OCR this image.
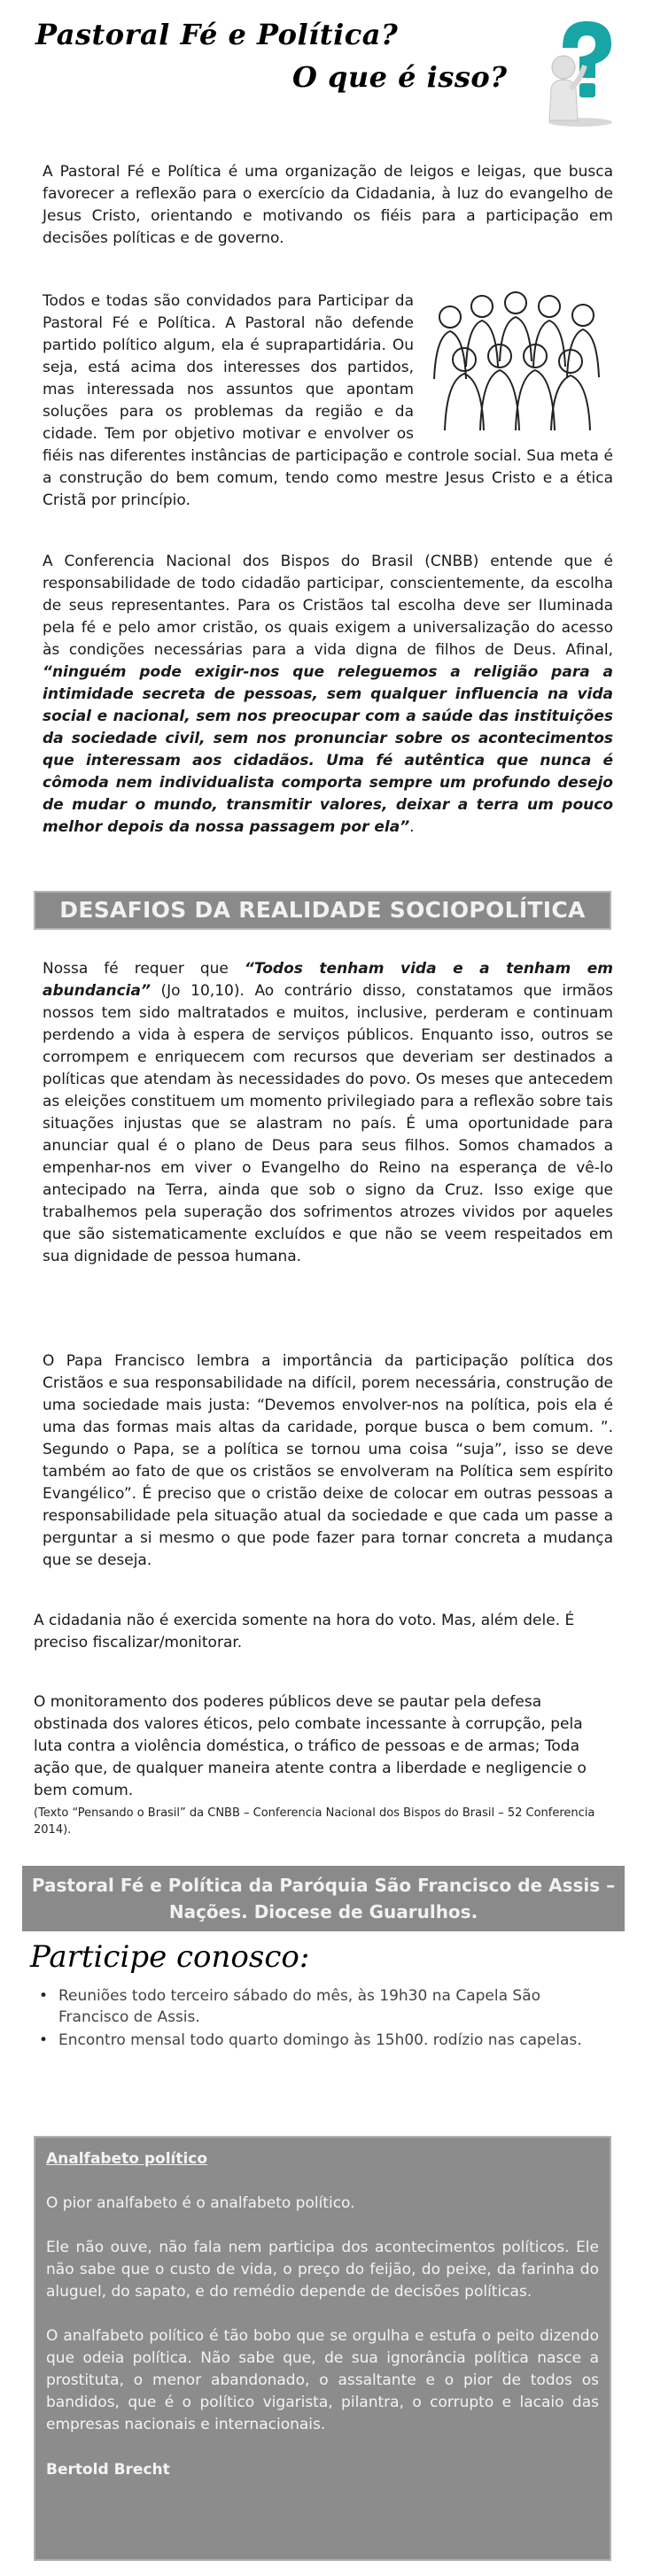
Pastoral Fé e Política?
O que é isso?
A Pastoral Fé e Política é uma organização de leigos e leigas, que busca favorecer a reflexão para o exercício da Cidadania, à luz do evangelho de Jesus Cristo, orientando e motivando os fiéis para a participação em decisões políticas e de governo.
Todos e todas são convidados para Participar da Pastoral Fé e Política. A Pastoral não defende partido político algum, ela é suprapartidária. Ou seja, está acima dos interesses dos partidos, mas interessada nos assuntos que apontam soluções para os problemas da região e da cidade. Tem por objetivo motivar e envolver os fiéis nas diferentes instâncias de participação e controle social. Sua meta é a construção do bem comum, tendo como mestre Jesus Cristo e a ética Cristã por princípio.
A Conferencia Nacional dos Bispos do Brasil (CNBB) entende que é responsabilidade de todo cidadão participar, conscientemente, da escolha de seus representantes. Para os Cristãos tal escolha deve ser Iluminada pela fé e pelo amor cristão, os quais exigem a universalização do acesso às condições necessárias para a vida digna de filhos de Deus. Afinal, “ninguém pode exigir-nos que releguemos a religião para a intimidade secreta de pessoas, sem qualquer influencia na vida social e nacional, sem nos preocupar com a saúde das instituições da sociedade civil, sem nos pronunciar sobre os acontecimentos que interessam aos cidadãos. Uma fé autêntica que nunca é cômoda nem individualista comporta sempre um profundo desejo de mudar o mundo, transmitir valores, deixar a terra um pouco melhor depois da nossa passagem por ela”.
DESAFIOS DA REALIDADE SOCIOPOLÍTICA
Nossa fé requer que “Todos tenham vida e a tenham em abundancia” (Jo 10,10). Ao contrário disso, constatamos que irmãos nossos tem sido maltratados e muitos, inclusive, perderam e continuam perdendo a vida à espera de serviços públicos. Enquanto isso, outros se corrompem e enriquecem com recursos que deveriam ser destinados a políticas que atendam às necessidades do povo. Os meses que antecedem as eleições constituem um momento privilegiado para a reflexão sobre tais situações injustas que se alastram no país. É uma oportunidade para anunciar qual é o plano de Deus para seus filhos. Somos chamados a empenhar-nos em viver o Evangelho do Reino na esperança de vê-lo antecipado na Terra, ainda que sob o signo da Cruz. Isso exige que trabalhemos pela superação dos sofrimentos atrozes vividos por aqueles que são sistematicamente excluídos e que não se veem respeitados em sua dignidade de pessoa humana.
O Papa Francisco lembra a importância da participação política dos Cristãos e sua responsabilidade na difícil, porem necessária, construção de uma sociedade mais justa: “Devemos envolver-nos na política, pois ela é uma das formas mais altas da caridade, porque busca o bem comum. ”. Segundo o Papa, se a política se tornou uma coisa “suja”, isso se deve também ao fato de que os cristãos se envolveram na Política sem espírito Evangélico”. É preciso que o cristão deixe de colocar em outras pessoas a responsabilidade pela situação atual da sociedade e que cada um passe a perguntar a si mesmo o que pode fazer para tornar concreta a mudança que se deseja.
A cidadania não é exercida somente na hora do voto. Mas, além dele. É preciso fiscalizar/monitorar.
O monitoramento dos poderes públicos deve se pautar pela defesa obstinada dos valores éticos, pelo combate incessante à corrupção, pela luta contra a violência doméstica, o tráfico de pessoas e de armas; Toda ação que, de qualquer maneira atente contra a liberdade e negligencie o bem comum.
(Texto “Pensando o Brasil” da CNBB – Conferencia Nacional dos Bispos do Brasil – 52 Conferencia 2014).
Pastoral Fé e Política da Paróquia São Francisco de Assis – Nações. Diocese de Guarulhos.
Participe conosco:
• Reuniões todo terceiro sábado do mês, às 19h30 na Capela São Francisco de Assis.
• Encontro mensal todo quarto domingo às 15h00. rodízio nas capelas.

Analfabeto político

O pior analfabeto é o analfabeto político.

Ele não ouve, não fala nem participa dos acontecimentos políticos. Ele não sabe que o custo de vida, o preço do feijão, do peixe, da farinha do aluguel, do sapato, e do remédio depende de decisões políticas.

O analfabeto político é tão bobo que se orgulha e estufa o peito dizendo que odeia política. Não sabe que, de sua ignorância política nasce a prostituta, o menor abandonado, o assaltante e o pior de todos os bandidos, que é o político vigarista, pilantra, o corrupto e lacaio das empresas nacionais e internacionais.

Bertold Brecht
